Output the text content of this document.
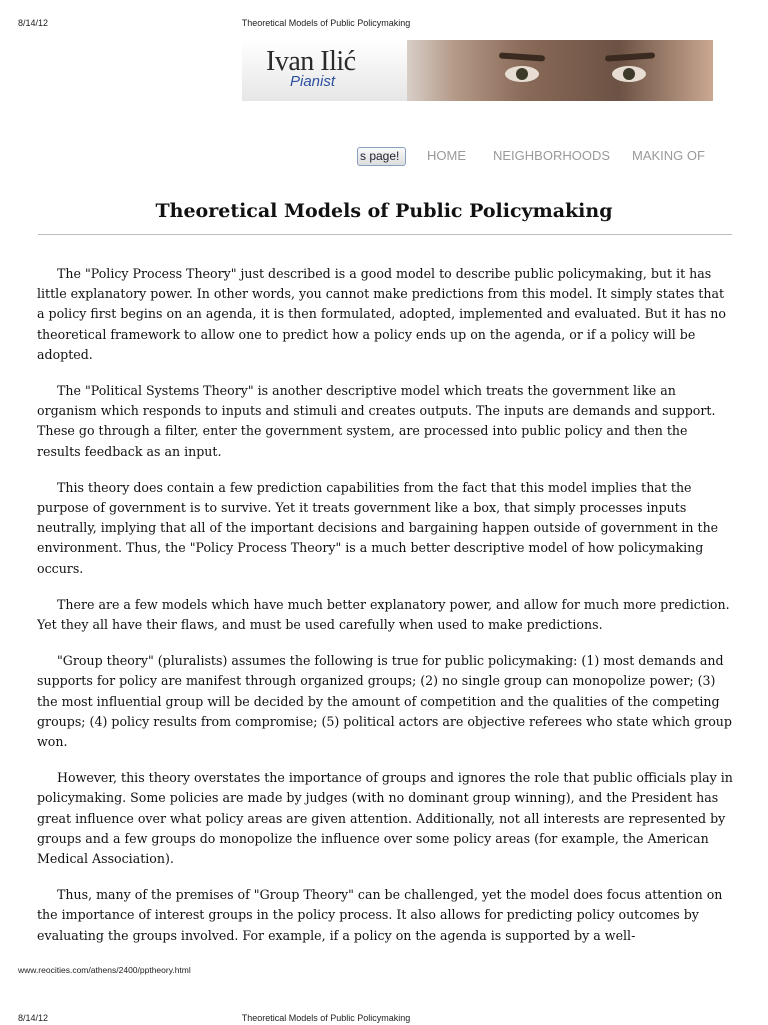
8/14/12	Theoretical Models of Public Policymaking
Ivan Ilić
Pianist
s page!	HOME NEIGHBORHOODS MAKING OF
Theoretical Models of Public Policymaking

The "Policy Process Theory" just described is a good model to describe public policymaking, but it has little explanatory power. In other words, you cannot make predictions from this model. It simply states that a policy first begins on an agenda, it is then formulated, adopted, implemented and evaluated. But it has no theoretical framework to allow one to predict how a policy ends up on the agenda, or if a policy will be adopted.

The "Political Systems Theory" is another descriptive model which treats the government like an organism which responds to inputs and stimuli and creates outputs. The inputs are demands and support. These go through a filter, enter the government system, are processed into public policy and then the results feedback as an input.

This theory does contain a few prediction capabilities from the fact that this model implies that the purpose of government is to survive. Yet it treats government like a box, that simply processes inputs neutrally, implying that all of the important decisions and bargaining happen outside of government in the environment. Thus, the "Policy Process Theory" is a much better descriptive model of how policymaking occurs.

There are a few models which have much better explanatory power, and allow for much more prediction. Yet they all have their flaws, and must be used carefully when used to make predictions.

"Group theory" (pluralists) assumes the following is true for public policymaking: (1) most demands and supports for policy are manifest through organized groups; (2) no single group can monopolize power; (3) the most influential group will be decided by the amount of competition and the qualities of the competing groups; (4) policy results from compromise; (5) political actors are objective referees who state which group won.

However, this theory overstates the importance of groups and ignores the role that public officials play in policymaking. Some policies are made by judges (with no dominant group winning), and the President has great influence over what policy areas are given attention. Additionally, not all interests are represented by groups and a few groups do monopolize the influence over some policy areas (for example, the American Medical Association).

Thus, many of the premises of "Group Theory" can be challenged, yet the model does focus attention on the importance of interest groups in the policy process. It also allows for predicting policy outcomes by evaluating the groups involved. For example, if a policy on the agenda is supported by a well-

www.reocities.com/athens/2400/pptheory.html
8/14/12	Theoretical Models of Public Policymaking
